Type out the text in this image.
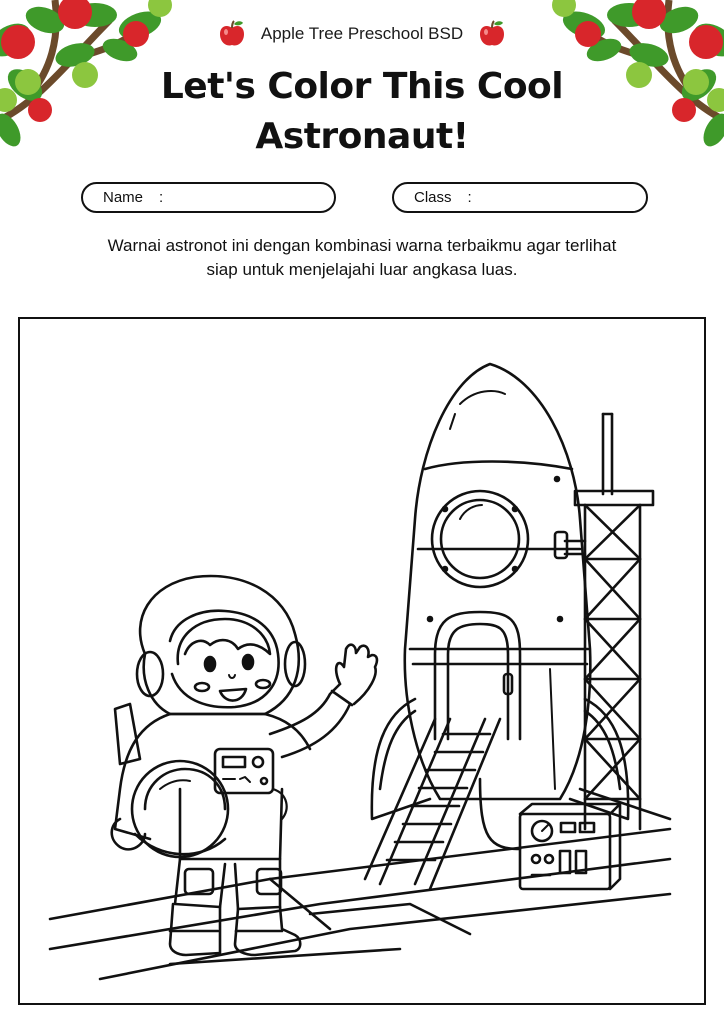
Apple Tree Preschool BSD
Let's Color This Cool
Astronaut!
Name :	Class :
Warnai astronot ini dengan kombinasi warna terbaikmu agar terlihat
siap untuk menjelajahi luar angkasa luas.
